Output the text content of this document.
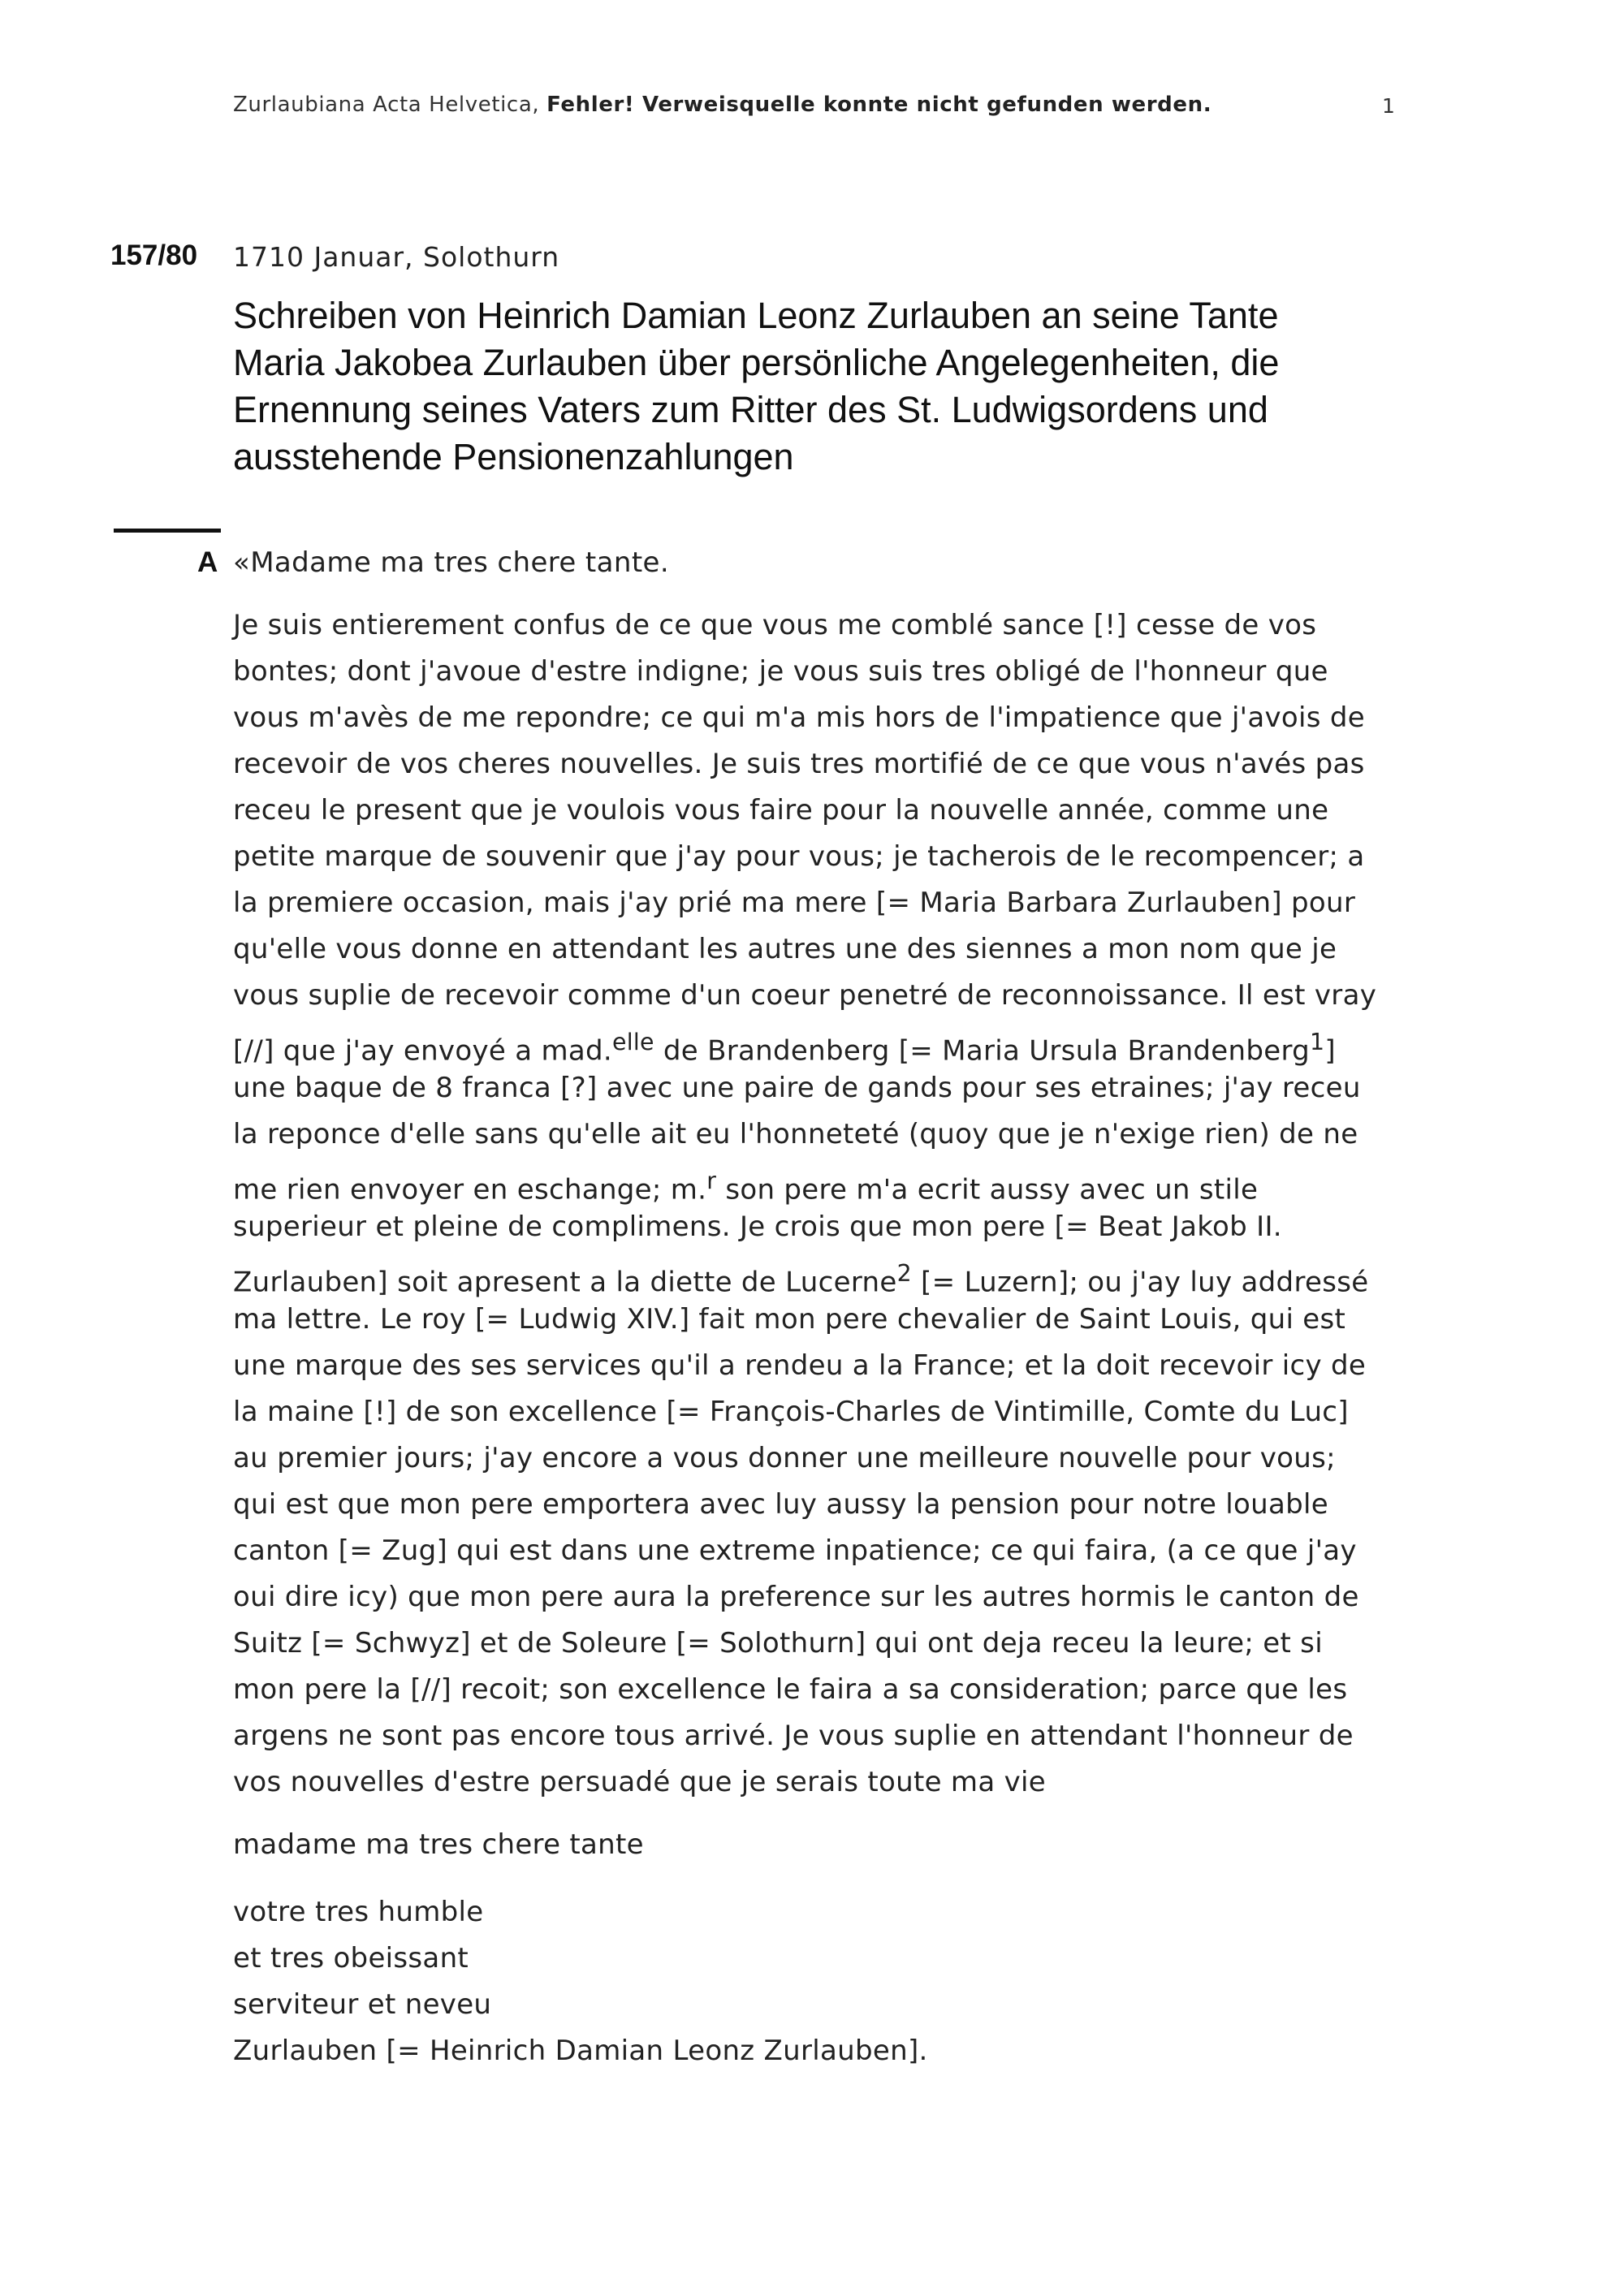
Zurlaubiana Acta Helvetica, Fehler! Verweisquelle konnte nicht gefunden werden.	1
157/80 1710 Januar, Solothurn
Schreiben von Heinrich Damian Leonz Zurlauben an seine Tante
Maria Jakobea Zurlauben über persönliche Angelegenheiten, die
Ernennung seines Vaters zum Ritter des St. Ludwigsordens und
ausstehende Pensionenzahlungen
A «Madame ma tres chere tante.
Je suis entierement confus de ce que vous me comblé sance [!] cesse de vos
bontes; dont j'avoue d'estre indigne; je vous suis tres obligé de l'honneur que
vous m'avès de me repondre; ce qui m'a mis hors de l'impatience que j'avois de
recevoir de vos cheres nouvelles. Je suis tres mortifié de ce que vous n'avés pas
receu le present que je voulois vous faire pour la nouvelle année, comme une
petite marque de souvenir que j'ay pour vous; je tacherois de le recompencer; a
la premiere occasion, mais j'ay prié ma mere [= Maria Barbara Zurlauben] pour
qu'elle vous donne en attendant les autres une des siennes a mon nom que je
vous suplie de recevoir comme d'un coeur penetré de reconnoissance. Il est vray
[//] que j'ay envoyé a mad.$^{elle}$ de Brandenberg [= Maria Ursula Brandenberg$^1$]
une baque de 8 franca [?] avec une paire de gands pour ses etraines; j'ay receu
la reponce d'elle sans qu'elle ait eu l'honneteté (quoy que je n'exige rien) de ne
me rien envoyer en eschange; m.$^r$ son pere m'a ecrit aussy avec un stile
superieur et pleine de complimens. Je crois que mon pere [= Beat Jakob II.
Zurlauben] soit apresent a la diette de Lucerne$^2$ [= Luzern]; ou j'ay luy addressé
ma lettre. Le roy [= Ludwig XIV.] fait mon pere chevalier de Saint Louis, qui est
une marque des ses services qu'il a rendeu a la France; et la doit recevoir icy de
la maine [!] de son excellence [= François-Charles de Vintimille, Comte du Luc]
au premier jours; j'ay encore a vous donner une meilleure nouvelle pour vous;
qui est que mon pere emportera avec luy aussy la pension pour notre louable
canton [= Zug] qui est dans une extreme inpatience; ce qui faira, (a ce que j'ay
oui dire icy) que mon pere aura la preference sur les autres hormis le canton de
Suitz [= Schwyz] et de Soleure [= Solothurn] qui ont deja receu la leure; et si
mon pere la [//] recoit; son excellence le faira a sa consideration; parce que les
argens ne sont pas encore tous arrivé. Je vous suplie en attendant l'honneur de
vos nouvelles d'estre persuadé que je serais toute ma vie
madame ma tres chere tante
votre tres humble
et tres obeissant
serviteur et neveu
Zurlauben [= Heinrich Damian Leonz Zurlauben].
